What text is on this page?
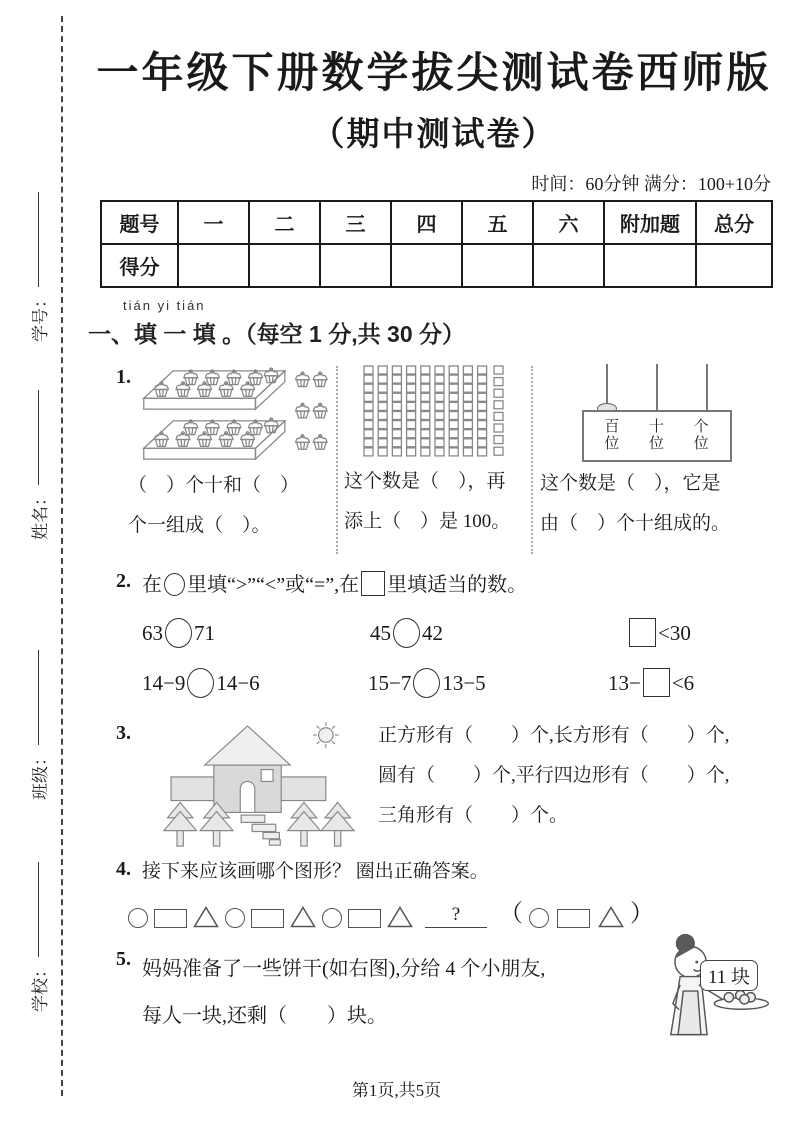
学号：
姓名：
班级：
学校：
一年级下册数学拔尖测试卷西师版
（期中测试卷）
时间：60分钟 满分：100+10分
题号	一	二	三	四	五	六	附加题	总分
得分								
tián yi tián
一、填 一 填 。（每空 1 分,共 30 分）
1.
（　）个十和（　）
个一组成（　）。
这个数是（　），再
添上（　）是 100。
百位
十位
个位
这个数是（　），它是
由（　）个十组成的。
2. 在 里填“>”“<”或“=”,在 里填适当的数。
63 71	45 42	<30
14−9 14−6	15−7 13−5	13− <6
3.	正方形有（　　）个,长方形有（　　）个,
圆有（　　）个,平行四边形有（　　）个,
三角形有（　　）个。
4. 接下来应该画哪个图形？ 圈出正确答案。
?	（	）
5. 妈妈准备了一些饼干(如右图),分给 4 个小朋友,
每人一块,还剩（　　）块。
11 块
第1页,共5页
